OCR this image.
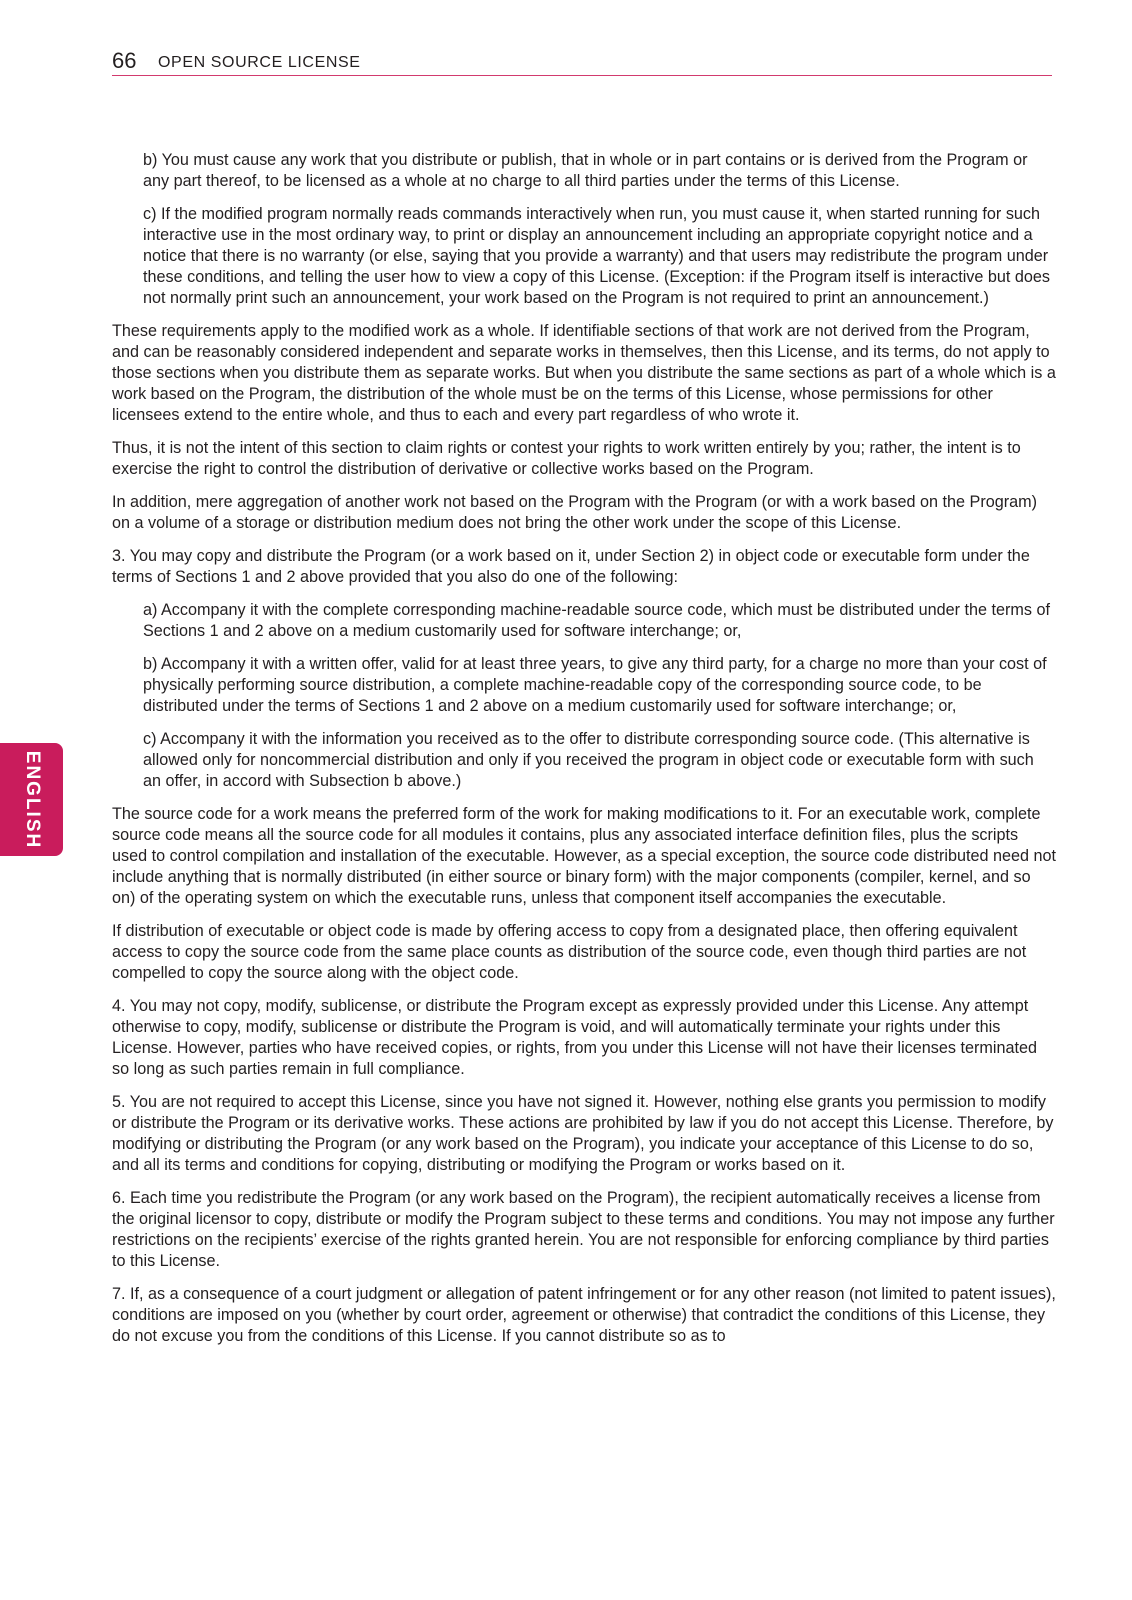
66 OPEN SOURCE LICENSE
ENGLISH

b) You must cause any work that you distribute or publish, that in whole or in part contains or is derived from the Program or any part thereof, to be licensed as a whole at no charge to all third parties under the terms of this License.

c) If the modified program normally reads commands interactively when run, you must cause it, when started running for such interactive use in the most ordinary way, to print or display an announcement including an appropriate copyright notice and a notice that there is no warranty (or else, saying that you provide a warranty) and that users may redistribute the program under these conditions, and telling the user how to view a copy of this License. (Exception: if the Program itself is interactive but does not normally print such an announcement, your work based on the Program is not required to print an announcement.)

These requirements apply to the modified work as a whole. If identifiable sections of that work are not derived from the Program, and can be reasonably considered independent and separate works in themselves, then this License, and its terms, do not apply to those sections when you distribute them as separate works. But when you distribute the same sections as part of a whole which is a work based on the Program, the distribution of the whole must be on the terms of this License, whose permissions for other licensees extend to the entire whole, and thus to each and every part regardless of who wrote it.

Thus, it is not the intent of this section to claim rights or contest your rights to work written entirely by you; rather, the intent is to exercise the right to control the distribution of derivative or collective works based on the Program.

In addition, mere aggregation of another work not based on the Program with the Program (or with a work based on the Program) on a volume of a storage or distribution medium does not bring the other work under the scope of this License.

3. You may copy and distribute the Program (or a work based on it, under Section 2) in object code or executable form under the terms of Sections 1 and 2 above provided that you also do one of the following:

a) Accompany it with the complete corresponding machine-readable source code, which must be distributed under the terms of Sections 1 and 2 above on a medium customarily used for software interchange; or,

b) Accompany it with a written offer, valid for at least three years, to give any third party, for a charge no more than your cost of physically performing source distribution, a complete machine-readable copy of the corresponding source code, to be distributed under the terms of Sections 1 and 2 above on a medium customarily used for software interchange; or,

c) Accompany it with the information you received as to the offer to distribute corresponding source code. (This alternative is allowed only for noncommercial distribution and only if you received the program in object code or executable form with such an offer, in accord with Subsection b above.)

The source code for a work means the preferred form of the work for making modifications to it. For an executable work, complete source code means all the source code for all modules it contains, plus any associated interface definition files, plus the scripts used to control compilation and installation of the executable. However, as a special exception, the source code distributed need not include anything that is normally distributed (in either source or binary form) with the major components (compiler, kernel, and so on) of the operating system on which the executable runs, unless that component itself accompanies the executable.

If distribution of executable or object code is made by offering access to copy from a designated place, then offering equivalent access to copy the source code from the same place counts as distribution of the source code, even though third parties are not compelled to copy the source along with the object code.

4. You may not copy, modify, sublicense, or distribute the Program except as expressly provided under this License. Any attempt otherwise to copy, modify, sublicense or distribute the Program is void, and will automatically terminate your rights under this License. However, parties who have received copies, or rights, from you under this License will not have their licenses terminated so long as such parties remain in full compliance.

5. You are not required to accept this License, since you have not signed it. However, nothing else grants you permission to modify or distribute the Program or its derivative works. These actions are prohibited by law if you do not accept this License. Therefore, by modifying or distributing the Program (or any work based on the Program), you indicate your acceptance of this License to do so, and all its terms and conditions for copying, distributing or modifying the Program or works based on it.

6. Each time you redistribute the Program (or any work based on the Program), the recipient automatically receives a license from the original licensor to copy, distribute or modify the Program subject to these terms and conditions. You may not impose any further restrictions on the recipients’ exercise of the rights granted herein. You are not responsible for enforcing compliance by third parties to this License.

7. If, as a consequence of a court judgment or allegation of patent infringement or for any other reason (not limited to patent issues), conditions are imposed on you (whether by court order, agreement or otherwise) that contradict the conditions of this License, they do not excuse you from the conditions of this License. If you cannot distribute so as to
